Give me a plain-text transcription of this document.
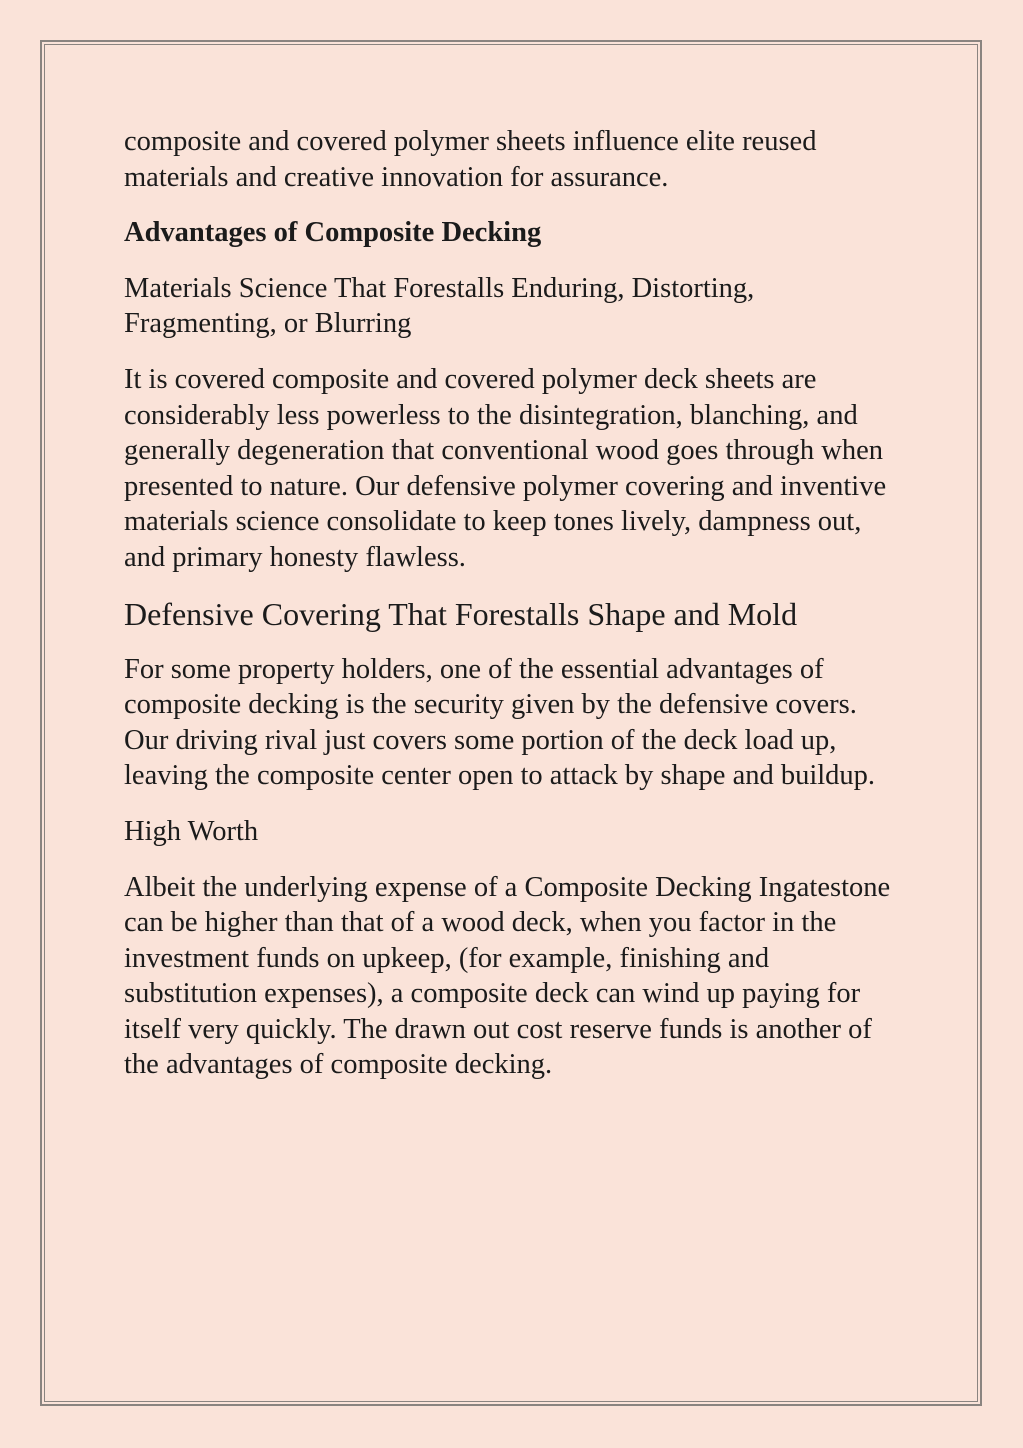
composite and covered polymer sheets influence elite reused materials and creative innovation for assurance.

Advantages of Composite Decking

Materials Science That Forestalls Enduring, Distorting, Fragmenting, or Blurring

It is covered composite and covered polymer deck sheets are considerably less powerless to the disintegration, blanching, and generally degeneration that conventional wood goes through when presented to nature. Our defensive polymer covering and inventive materials science consolidate to keep tones lively, dampness out, and primary honesty flawless.

Defensive Covering That Forestalls Shape and Mold

For some property holders, one of the essential advantages of composite decking is the security given by the defensive covers. Our driving rival just covers some portion of the deck load up, leaving the composite center open to attack by shape and buildup.

High Worth

Albeit the underlying expense of a Composite Decking Ingatestone can be higher than that of a wood deck, when you factor in the investment funds on upkeep, (for example, finishing and substitution expenses), a composite deck can wind up paying for itself very quickly. The drawn out cost reserve funds is another of the advantages of composite decking.
